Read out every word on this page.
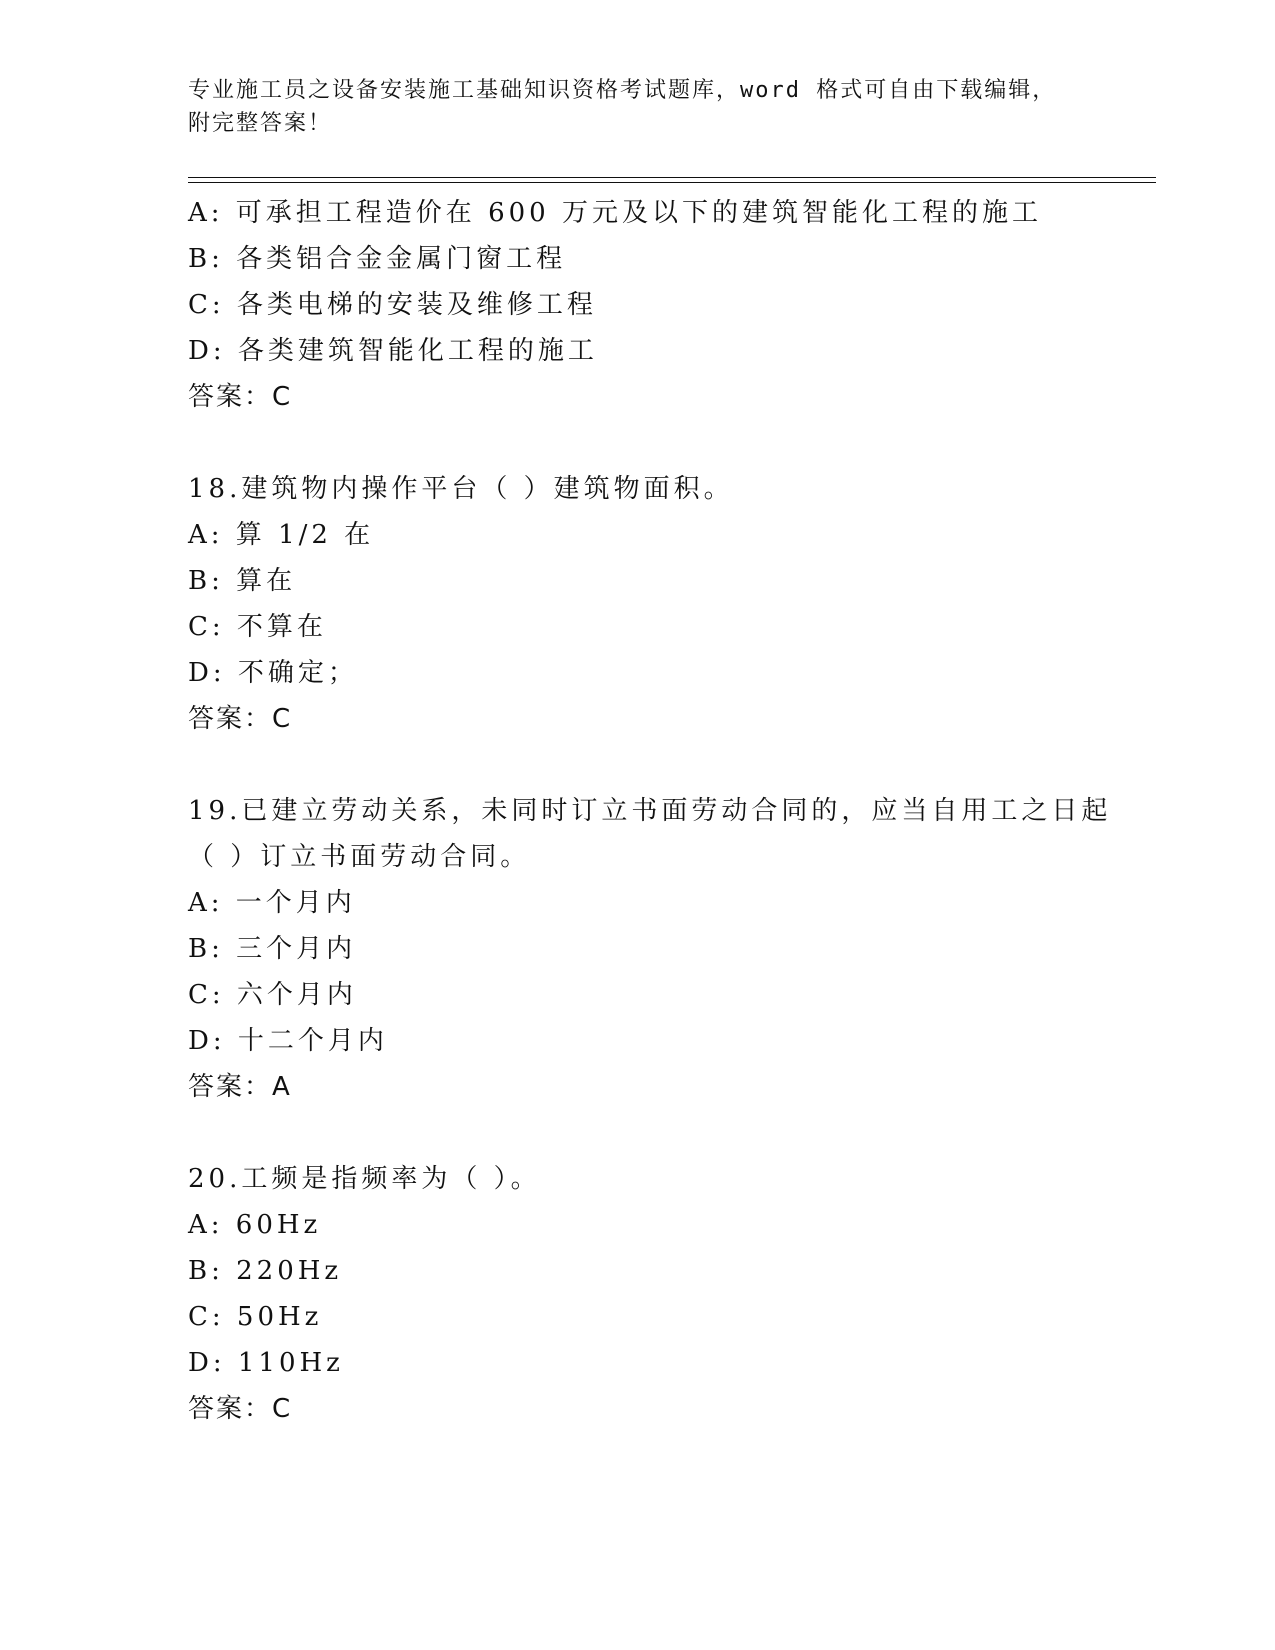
专业施工员之设备安装施工基础知识资格考试题库，word 格式可自由下载编辑，
附完整答案！
A: 可承担工程造价在 600 万元及以下的建筑智能化工程的施工
B: 各类铝合金金属门窗工程
C: 各类电梯的安装及维修工程
D: 各类建筑智能化工程的施工
答案：C
18.建筑物内操作平台（ ）建筑物面积。
A: 算 1/2 在
B: 算在
C: 不算在
D: 不确定；
答案：C
19.已建立劳动关系，未同时订立书面劳动合同的，应当自用工之日起
（ ）订立书面劳动合同。
A: 一个月内
B: 三个月内
C: 六个月内
D: 十二个月内
答案：A
20.工频是指频率为（ ）。
A: 60Hz
B: 220Hz
C: 50Hz
D: 110Hz
答案：C
